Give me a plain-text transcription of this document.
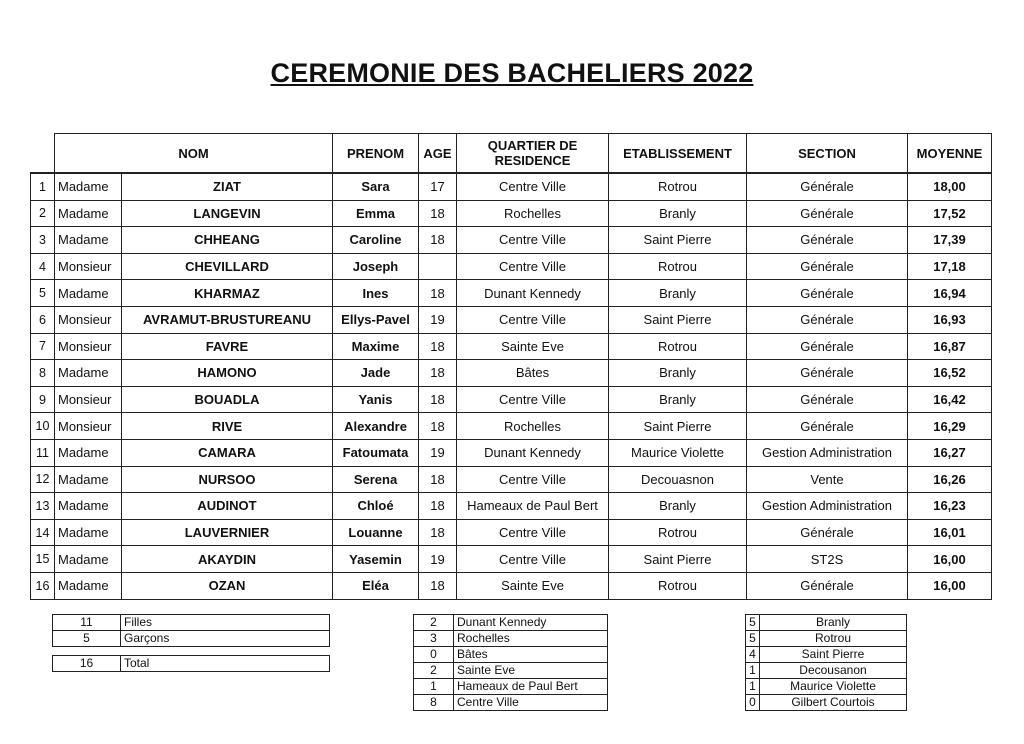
CEREMONIE DES BACHELIERS 2022
	NOM		PRENOM	AGE	QUARTIER DE RESIDENCE	ETABLISSEMENT	SECTION	MOYENNE
1	Madame	ZIAT	Sara	17	Centre Ville	Rotrou	Générale	18,00
2	Madame	LANGEVIN	Emma	18	Rochelles	Branly	Générale	17,52
3	Madame	CHHEANG	Caroline	18	Centre Ville	Saint Pierre	Générale	17,39
4	Monsieur	CHEVILLARD	Joseph		Centre Ville	Rotrou	Générale	17,18
5	Madame	KHARMAZ	Ines	18	Dunant Kennedy	Branly	Générale	16,94
6	Monsieur	AVRAMUT-BRUSTUREANU	Ellys-Pavel	19	Centre Ville	Saint Pierre	Générale	16,93
7	Monsieur	FAVRE	Maxime	18	Sainte Eve	Rotrou	Générale	16,87
8	Madame	HAMONO	Jade	18	Bâtes	Branly	Générale	16,52
9	Monsieur	BOUADLA	Yanis	18	Centre Ville	Branly	Générale	16,42
10	Monsieur	RIVE	Alexandre	18	Rochelles	Saint Pierre	Générale	16,29
11	Madame	CAMARA	Fatoumata	19	Dunant Kennedy	Maurice Violette	Gestion Administration	16,27
12	Madame	NURSOO	Serena	18	Centre Ville	Decouasnon	Vente	16,26
13	Madame	AUDINOT	Chloé	18	Hameaux de Paul Bert	Branly	Gestion Administration	16,23
14	Madame	LAUVERNIER	Louanne	18	Centre Ville	Rotrou	Générale	16,01
15	Madame	AKAYDIN	Yasemin	19	Centre Ville	Saint Pierre	ST2S	16,00
16	Madame	OZAN	Eléa	18	Sainte Eve	Rotrou	Générale	16,00
11	Filles
5	Garçons

16	Total
2	Dunant Kennedy
3	Rochelles
0	Bâtes
2	Sainte Eve
1	Hameaux de Paul Bert
8	Centre Ville
5	Branly
5	Rotrou
4	Saint Pierre
1	Decousanon
1	Maurice Violette
0	Gilbert Courtois
